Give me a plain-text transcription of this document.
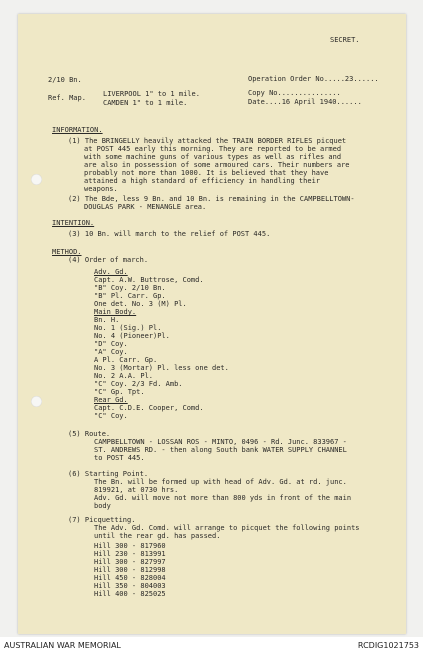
SECRET.
2/10 Bn.	Operation Order No.....23......
Ref. Map. LIVERPOOL 1" to 1 mile.
CAMDEN 1" to 1 mile.
Copy No...............
Date....16 April 1940......
INFORMATION.
(1) The BRINGELLY heavily attacked the TRAIN BORDER RIFLES picquet
at POST 445 early this morning. They are reported to be armed
with some machine guns of various types as well as rifles and
are also in possession of some armoured cars. Their numbers are
probably not more than 1000. It is believed that they have
attained a high standard of efficiency in handling their
weapons.
(2) The Bde, less 9 Bn. and 10 Bn. is remaining in the CAMPBELLTOWN-
DOUGLAS PARK - MENANGLE area.
INTENTION.
(3) 10 Bn. will march to the relief of POST 445.
METHOD.
(4) Order of march.
Adv. Gd.
Capt. A.W. Buttrose, Comd.
"B" Coy. 2/10 Bn.
"B" Pl. Carr. Gp.
One det. No. 3 (M) Pl.
Main Body.
Bn. H.
No. 1 (Sig.) Pl.
No. 4 (Pioneer)Pl.
"D" Coy.
"A" Coy.
A Pl. Carr. Gp.
No. 3 (Mortar) Pl. less one det.
No. 2 A.A. Pl.
"C" Coy. 2/3 Fd. Amb.
"C" Gp. Tpt.
Rear Gd.
Capt. C.D.E. Cooper, Comd.
"C" Coy.
(5) Route.
CAMPBELLTOWN - LOSSAN ROS - MINTO, 0496 - Rd. Junc. 833967 -
ST. ANDREWS RD. - then along South bank WATER SUPPLY CHANNEL
to POST 445.
(6) Starting Point.
The Bn. will be formed up with head of Adv. Gd. at rd. junc.
819921, at 0730 hrs.
Adv. Gd. will move not more than 800 yds in front of the main
body
(7) Picquetting.
The Adv. Gd. Comd. will arrange to picquet the following points
until the rear gd. has passed.
Hill 300 - 817960
Hill 230 - 813991
Hill 300 - 827997
Hill 300 - 812998
Hill 450 - 828004
Hill 350 - 804003
Hill 400 - 825025
AUSTRALIAN WAR MEMORIAL	RCDIG1021753
